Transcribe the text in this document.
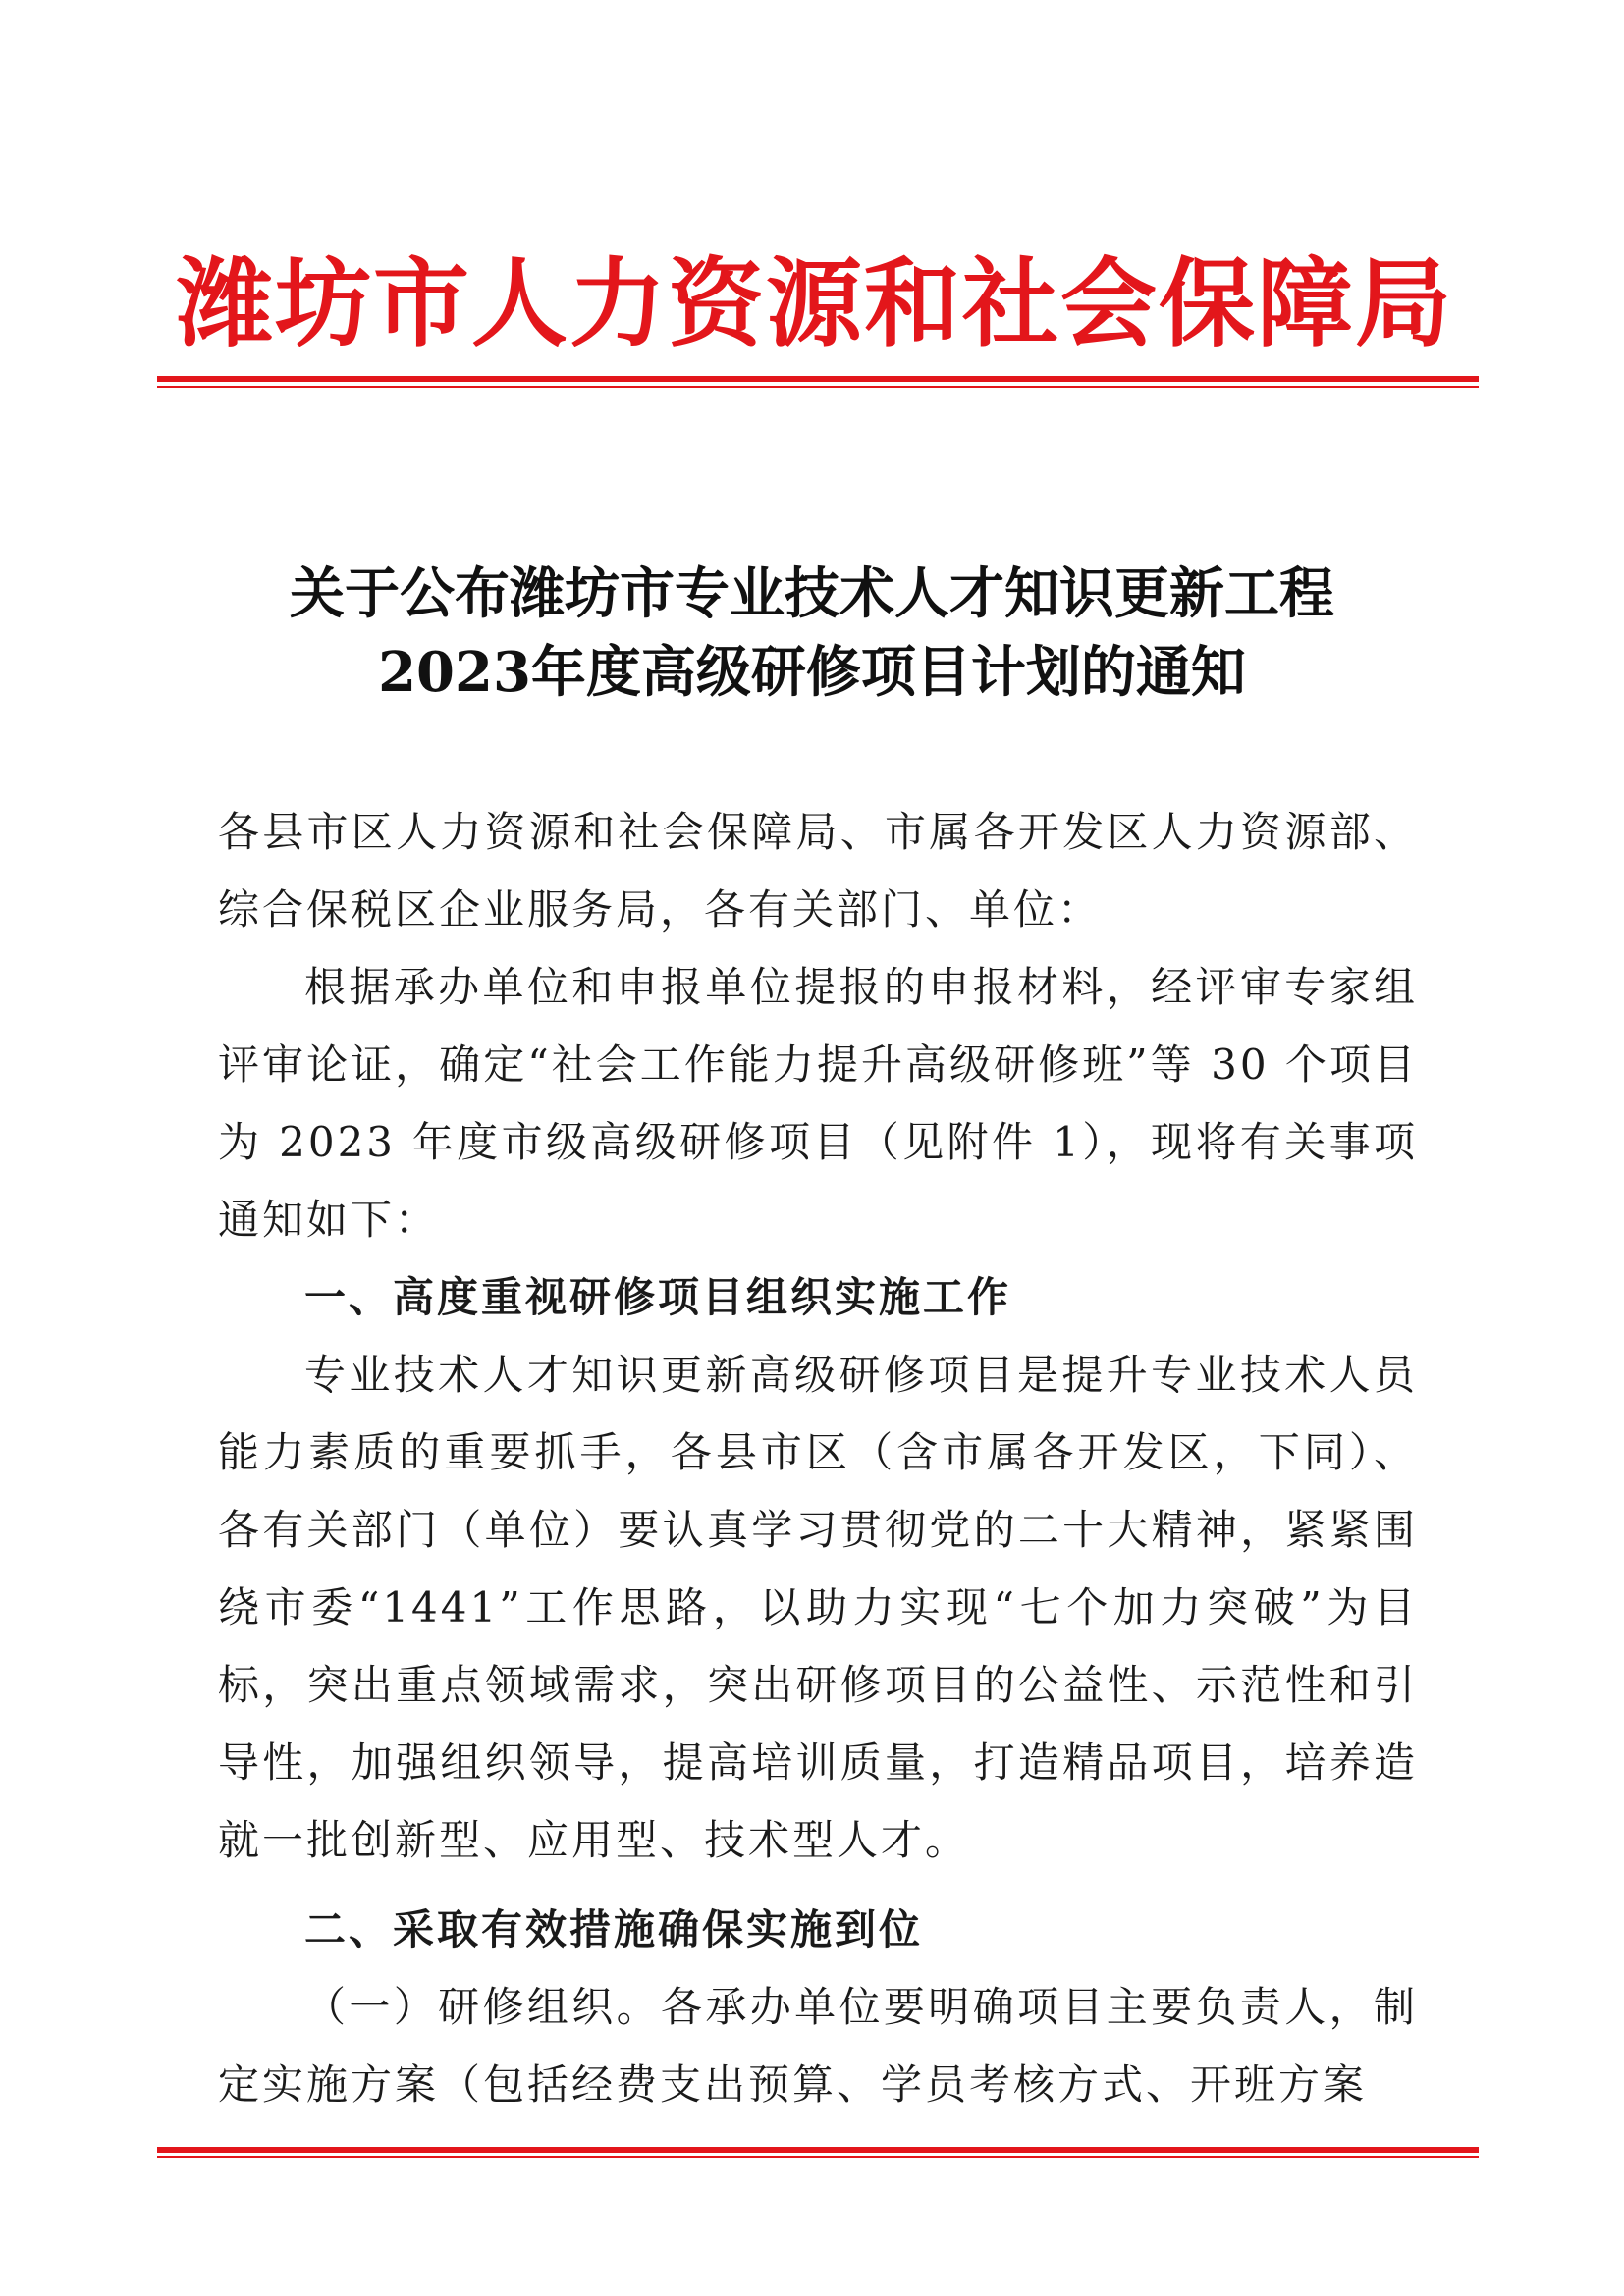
潍坊市人力资源和社会保障局
关于公布潍坊市专业技术人才知识更新工程
2023年度高级研修项目计划的通知

各县市区人力资源和社会保障局、市属各开发区人力资源部、综合保税区企业服务局，各有关部门、单位：

根据承办单位和申报单位提报的申报材料，经评审专家组评审论证，确定“社会工作能力提升高级研修班”等 30 个项目为 2023 年度市级高级研修项目（见附件 1），现将有关事项通知如下：

一、高度重视研修项目组织实施工作

专业技术人才知识更新高级研修项目是提升专业技术人员能力素质的重要抓手，各县市区（含市属各开发区，下同）、各有关部门（单位）要认真学习贯彻党的二十大精神，紧紧围绕市委“1441”工作思路，以助力实现“七个加力突破”为目标，突出重点领域需求，突出研修项目的公益性、示范性和引导性，加强组织领导，提高培训质量，打造精品项目，培养造就一批创新型、应用型、技术型人才。

二、采取有效措施确保实施到位

（一）研修组织。各承办单位要明确项目主要负责人，制定实施方案（包括经费支出预算、学员考核方式、开班方案
